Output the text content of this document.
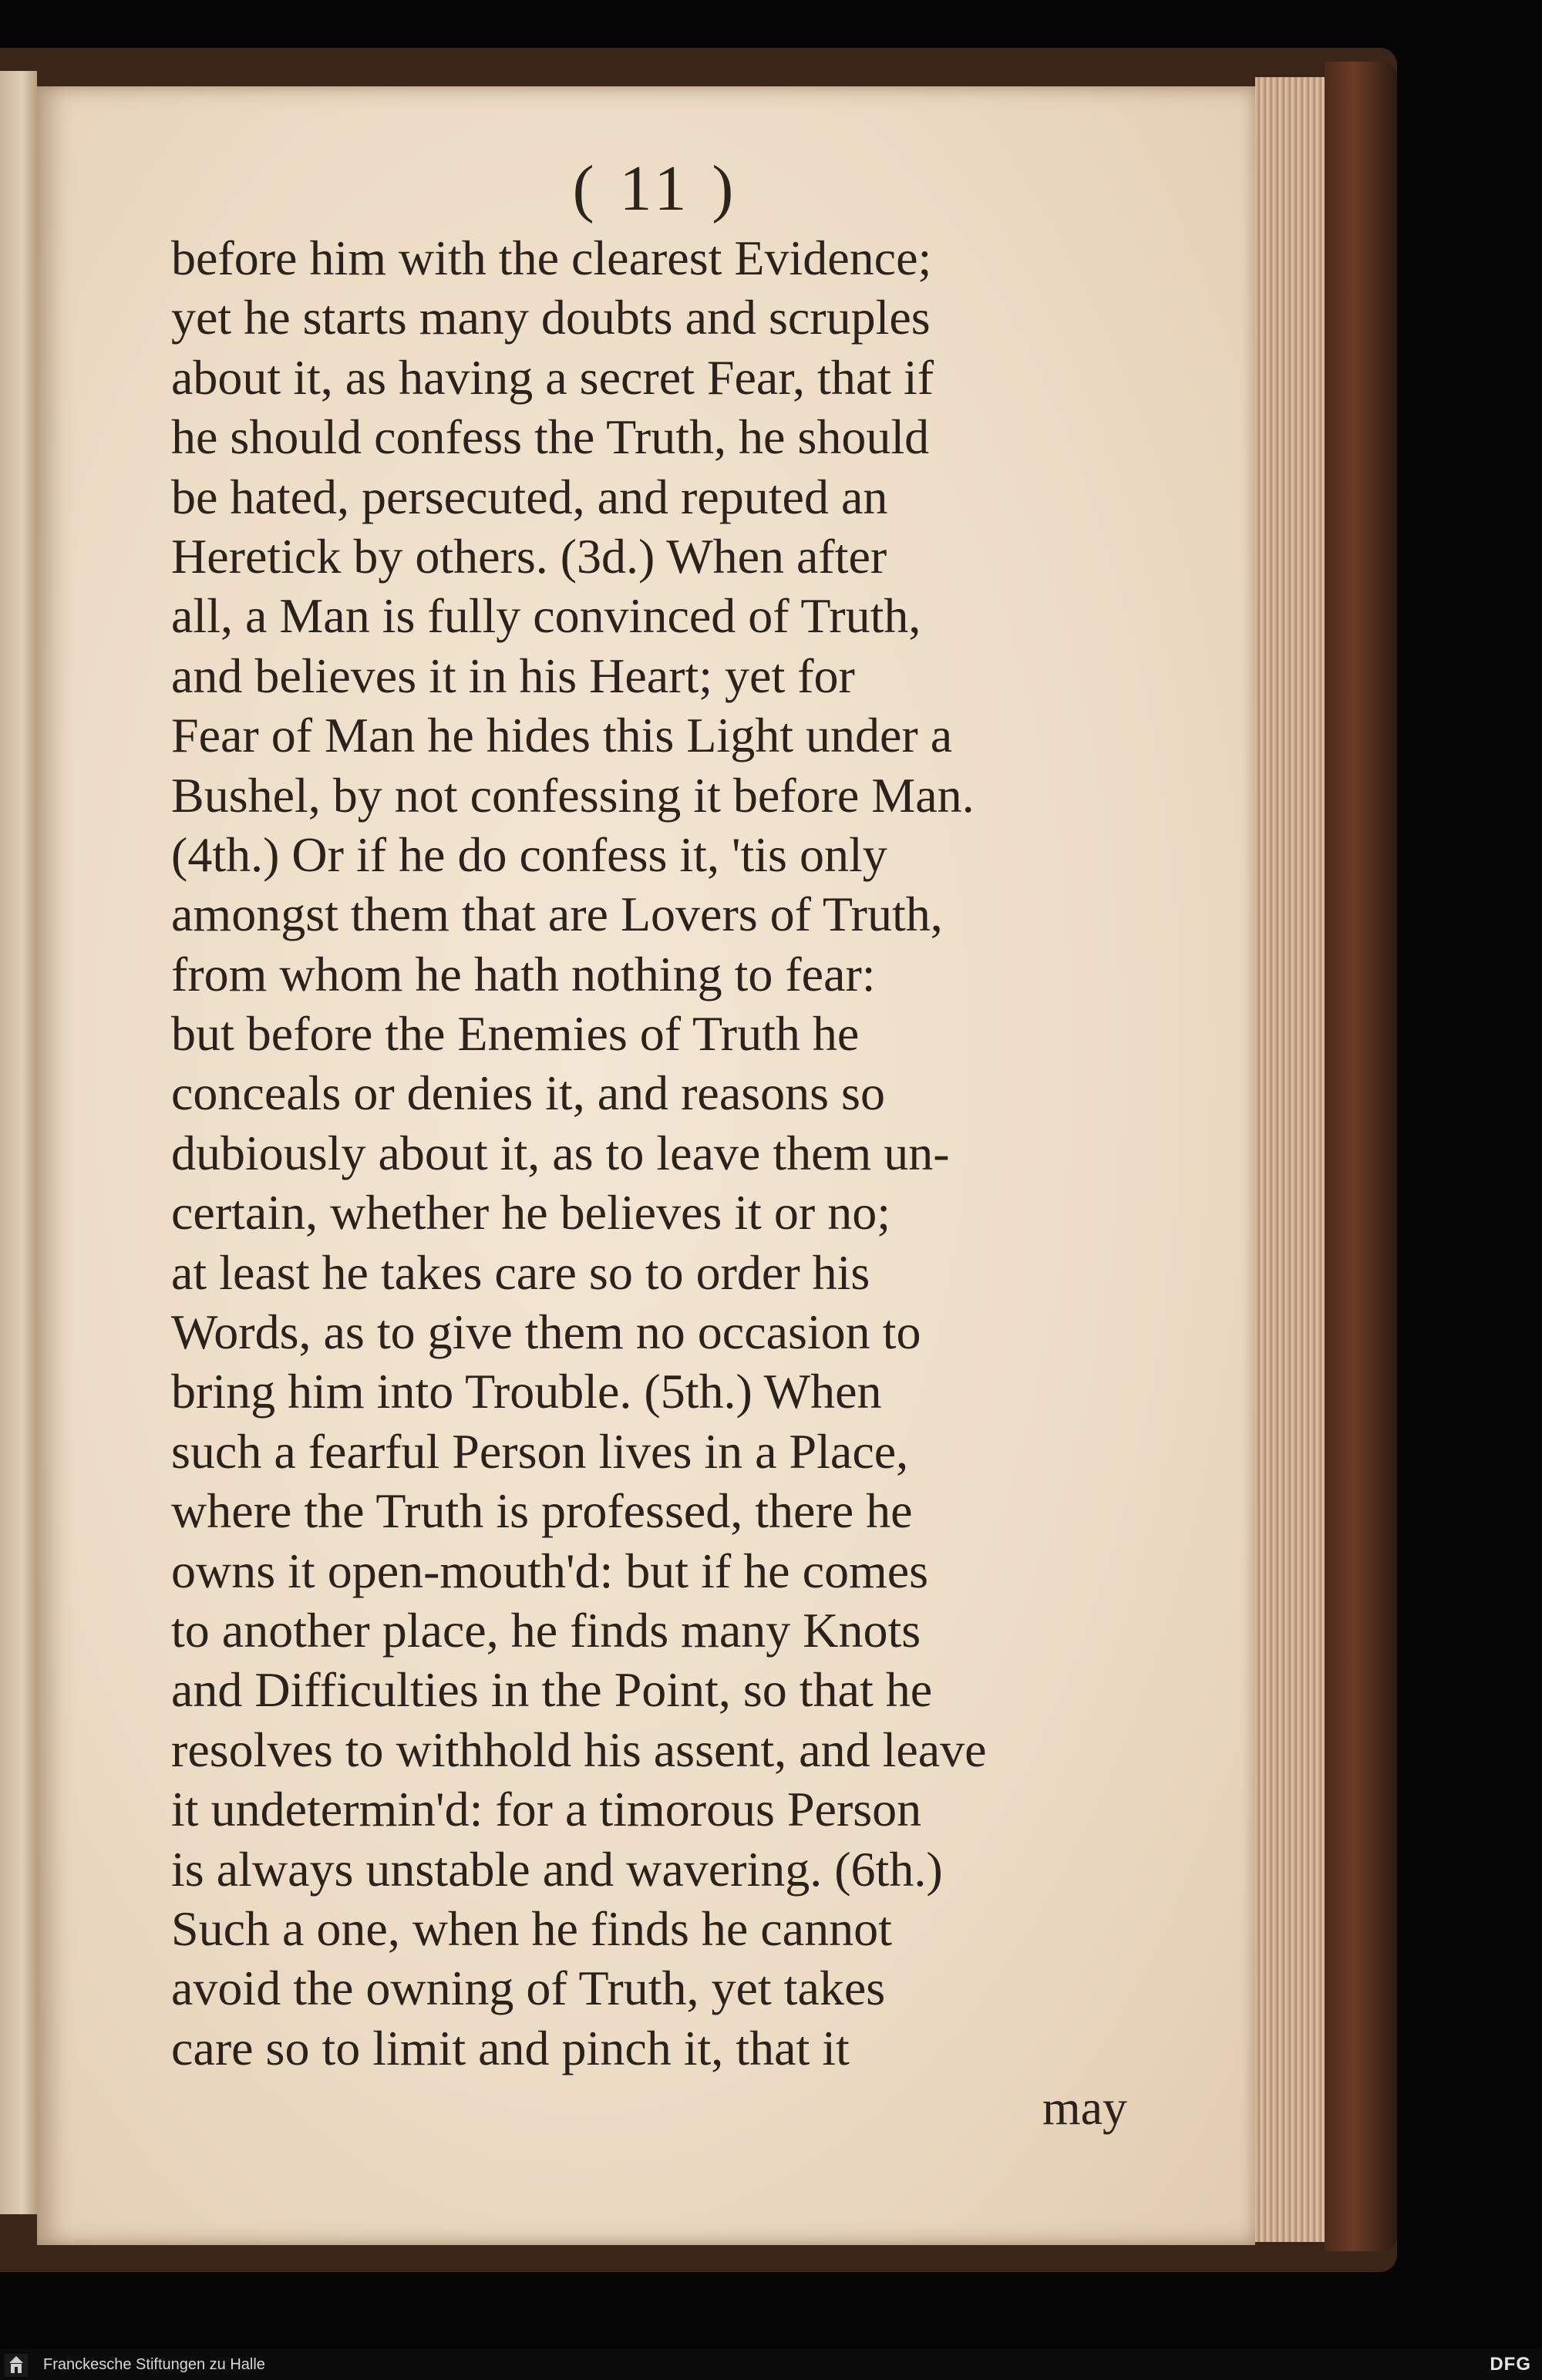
( 11 )
before him with the clearest Evidence;
yet he starts many doubts and scruples
about it, as having a secret Fear, that if
he should confess the Truth, he should
be hated, persecuted, and reputed an
Heretick by others. (3d.) When after
all, a Man is fully convinced of Truth,
and believes it in his Heart; yet for
Fear of Man he hides this Light under a
Bushel, by not confessing it before Man.
(4th.) Or if he do confess it, 'tis only
amongst them that are Lovers of Truth,
from whom he hath nothing to fear:
but before the Enemies of Truth he
conceals or denies it, and reasons so
dubiously about it, as to leave them un-
certain, whether he believes it or no;
at least he takes care so to order his
Words, as to give them no occasion to
bring him into Trouble. (5th.) When
such a fearful Person lives in a Place,
where the Truth is professed, there he
owns it open-mouth'd: but if he comes
to another place, he finds many Knots
and Difficulties in the Point, so that he
resolves to withhold his assent, and leave
it undetermin'd: for a timorous Person
is always unstable and wavering. (6th.)
Such a one, when he finds he cannot
avoid the owning of Truth, yet takes
care so to limit and pinch it, that it
may
Franckesche Stiftungen zu Halle	DFG
